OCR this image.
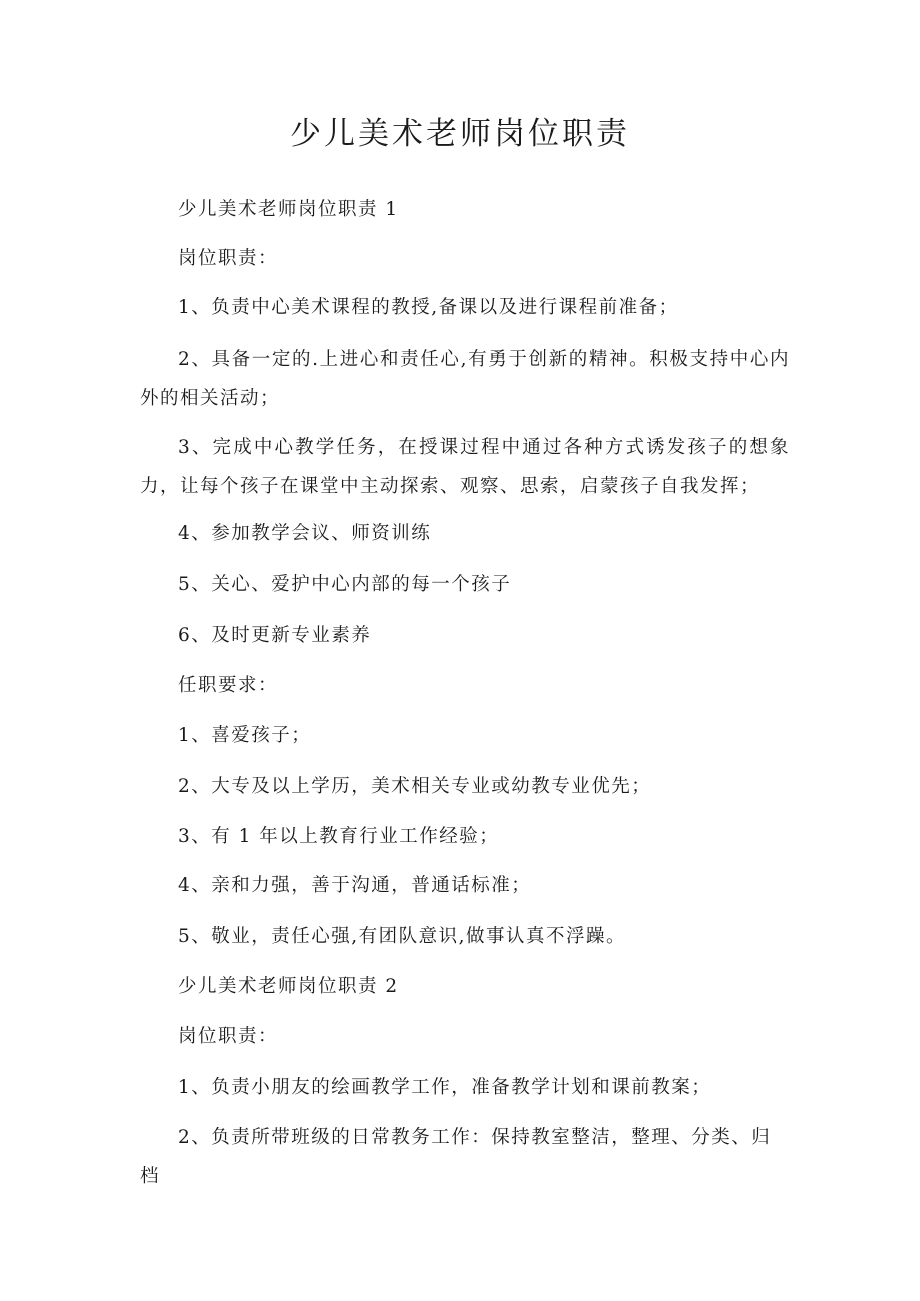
少儿美术老师岗位职责

少儿美术老师岗位职责 1

岗位职责：

1、负责中心美术课程的教授,备课以及进行课程前准备；

2、具备一定的.上进心和责任心,有勇于创新的精神。积极支持中心内外的相关活动；

3、完成中心教学任务，在授课过程中通过各种方式诱发孩子的想象力，让每个孩子在课堂中主动探索、观察、思索，启蒙孩子自我发挥；

4、参加教学会议、师资训练

5、关心、爱护中心内部的每一个孩子

6、及时更新专业素养

任职要求：

1、喜爱孩子；

2、大专及以上学历，美术相关专业或幼教专业优先；

3、有 1 年以上教育行业工作经验；

4、亲和力强，善于沟通，普通话标准；

5、敬业，责任心强,有团队意识,做事认真不浮躁。

少儿美术老师岗位职责 2

岗位职责：

1、负责小朋友的绘画教学工作，准备教学计划和课前教案；

2、负责所带班级的日常教务工作：保持教室整洁，整理、分类、归档
